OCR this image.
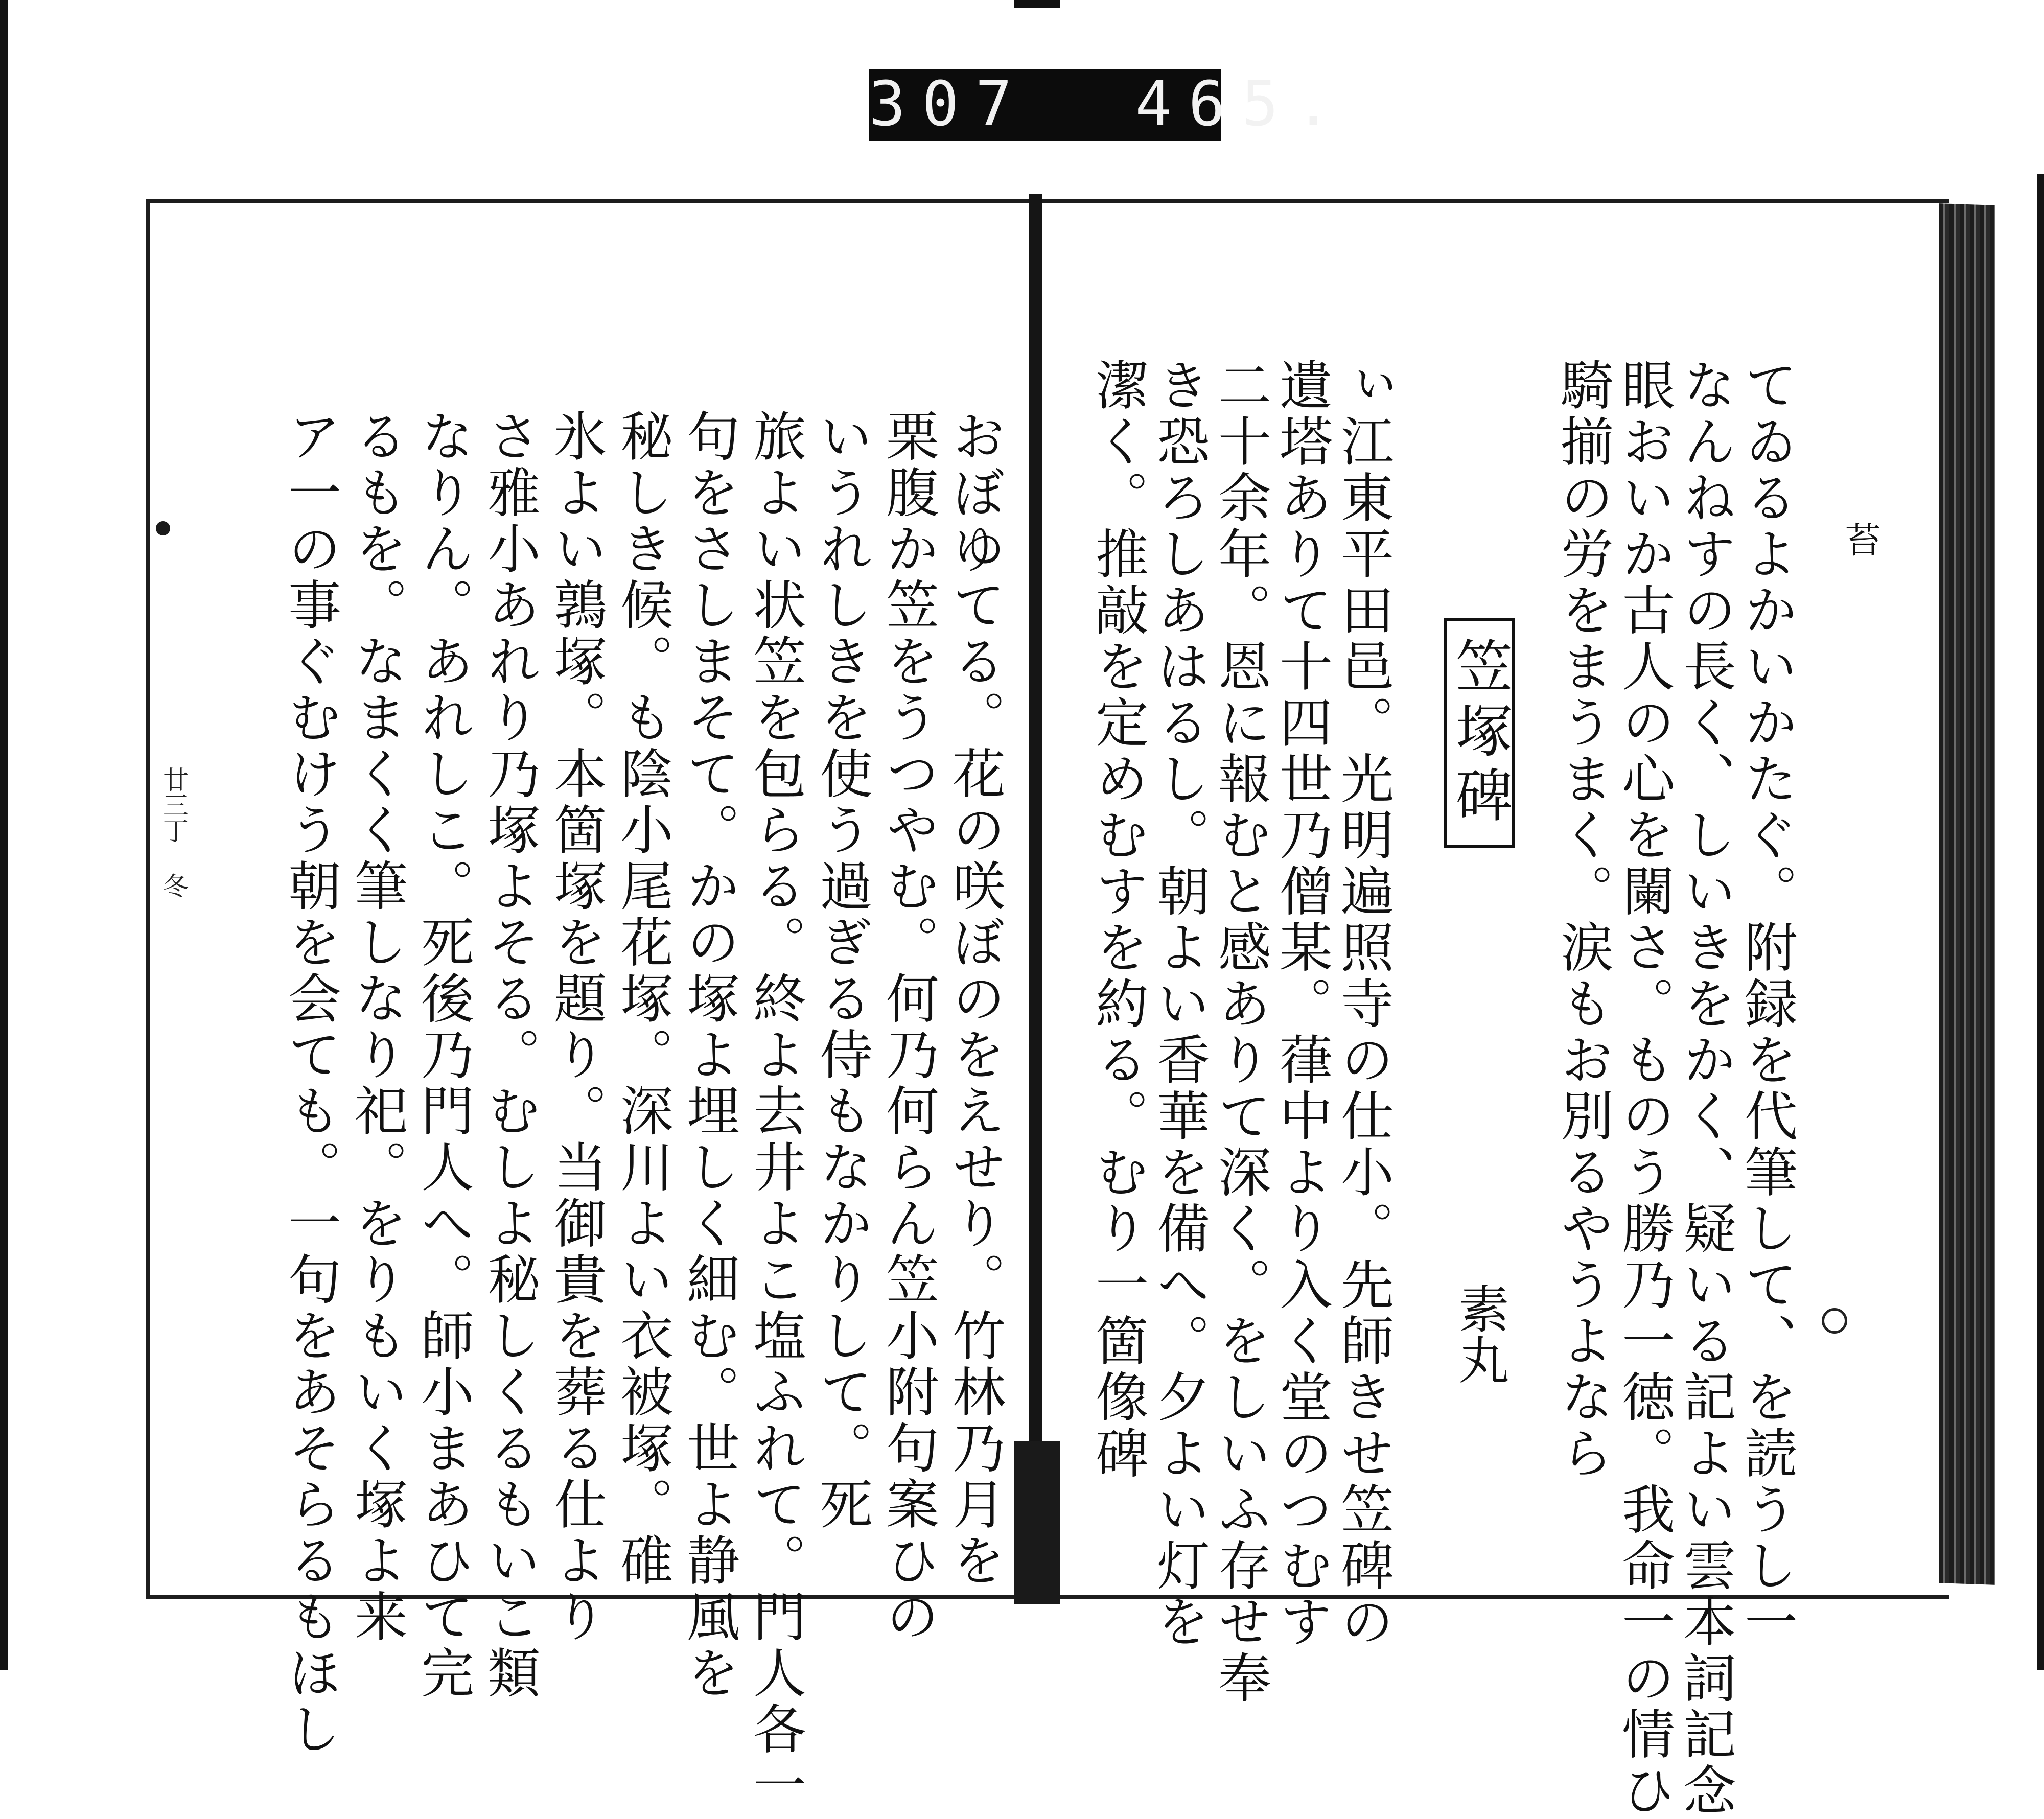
307  465.
てゐるよかいかたぐ。附録を代筆して、を読うし一
なんねすの長く、しいきをかく、疑いる記よい雲本詞記念
眼おいか古人の心を闌さ。ものう勝乃一徳。我命一の情ひ
騎揃の労をまうまく。涙もお別るやうよなら
笠塚碑
素丸
ぃ江東平田邑。光明遍照寺の仕小。先師きせ笠碑の
遺塔ありて十四世乃僧某。葎中より入く堂のつむす
二十余年。恩に報むと感ありて深く。をしいふ存せ奉
き恐ろしあはるし。朝よい香華を備へ。夕よい灯を
潔く。推敲を定めむすを約る。むり一箇像碑	苔
おぼゆてる。花の咲ぼのをえせり。竹林乃月を
栗腹か笠をうつやむ。何乃何らん笠小附句案ひの
いうれしきを使う過ぎる侍もなかりして。死
旅よい状笠を包らる。終よ去井よこ塩ふれて。門人各一
句をさしまそて。かの塚よ埋しく細む。世よ静風を
秘しき候。も陰小尾花塚。深川よい衣被塚。碓
氷よい鶉塚。本箇塚を題り。当御貴を葬る仕より
さ雅小あれり乃塚よそる。むしよ秘しくるもいこ類
なりん。あれしこ。死後乃門人へ。師小まあひて完
るもを。なまくく筆しなり祀。をりもいく塚よ来
ア一の事ぐむけう朝を会ても。一句をあそらるもほし
廿三丁 冬
